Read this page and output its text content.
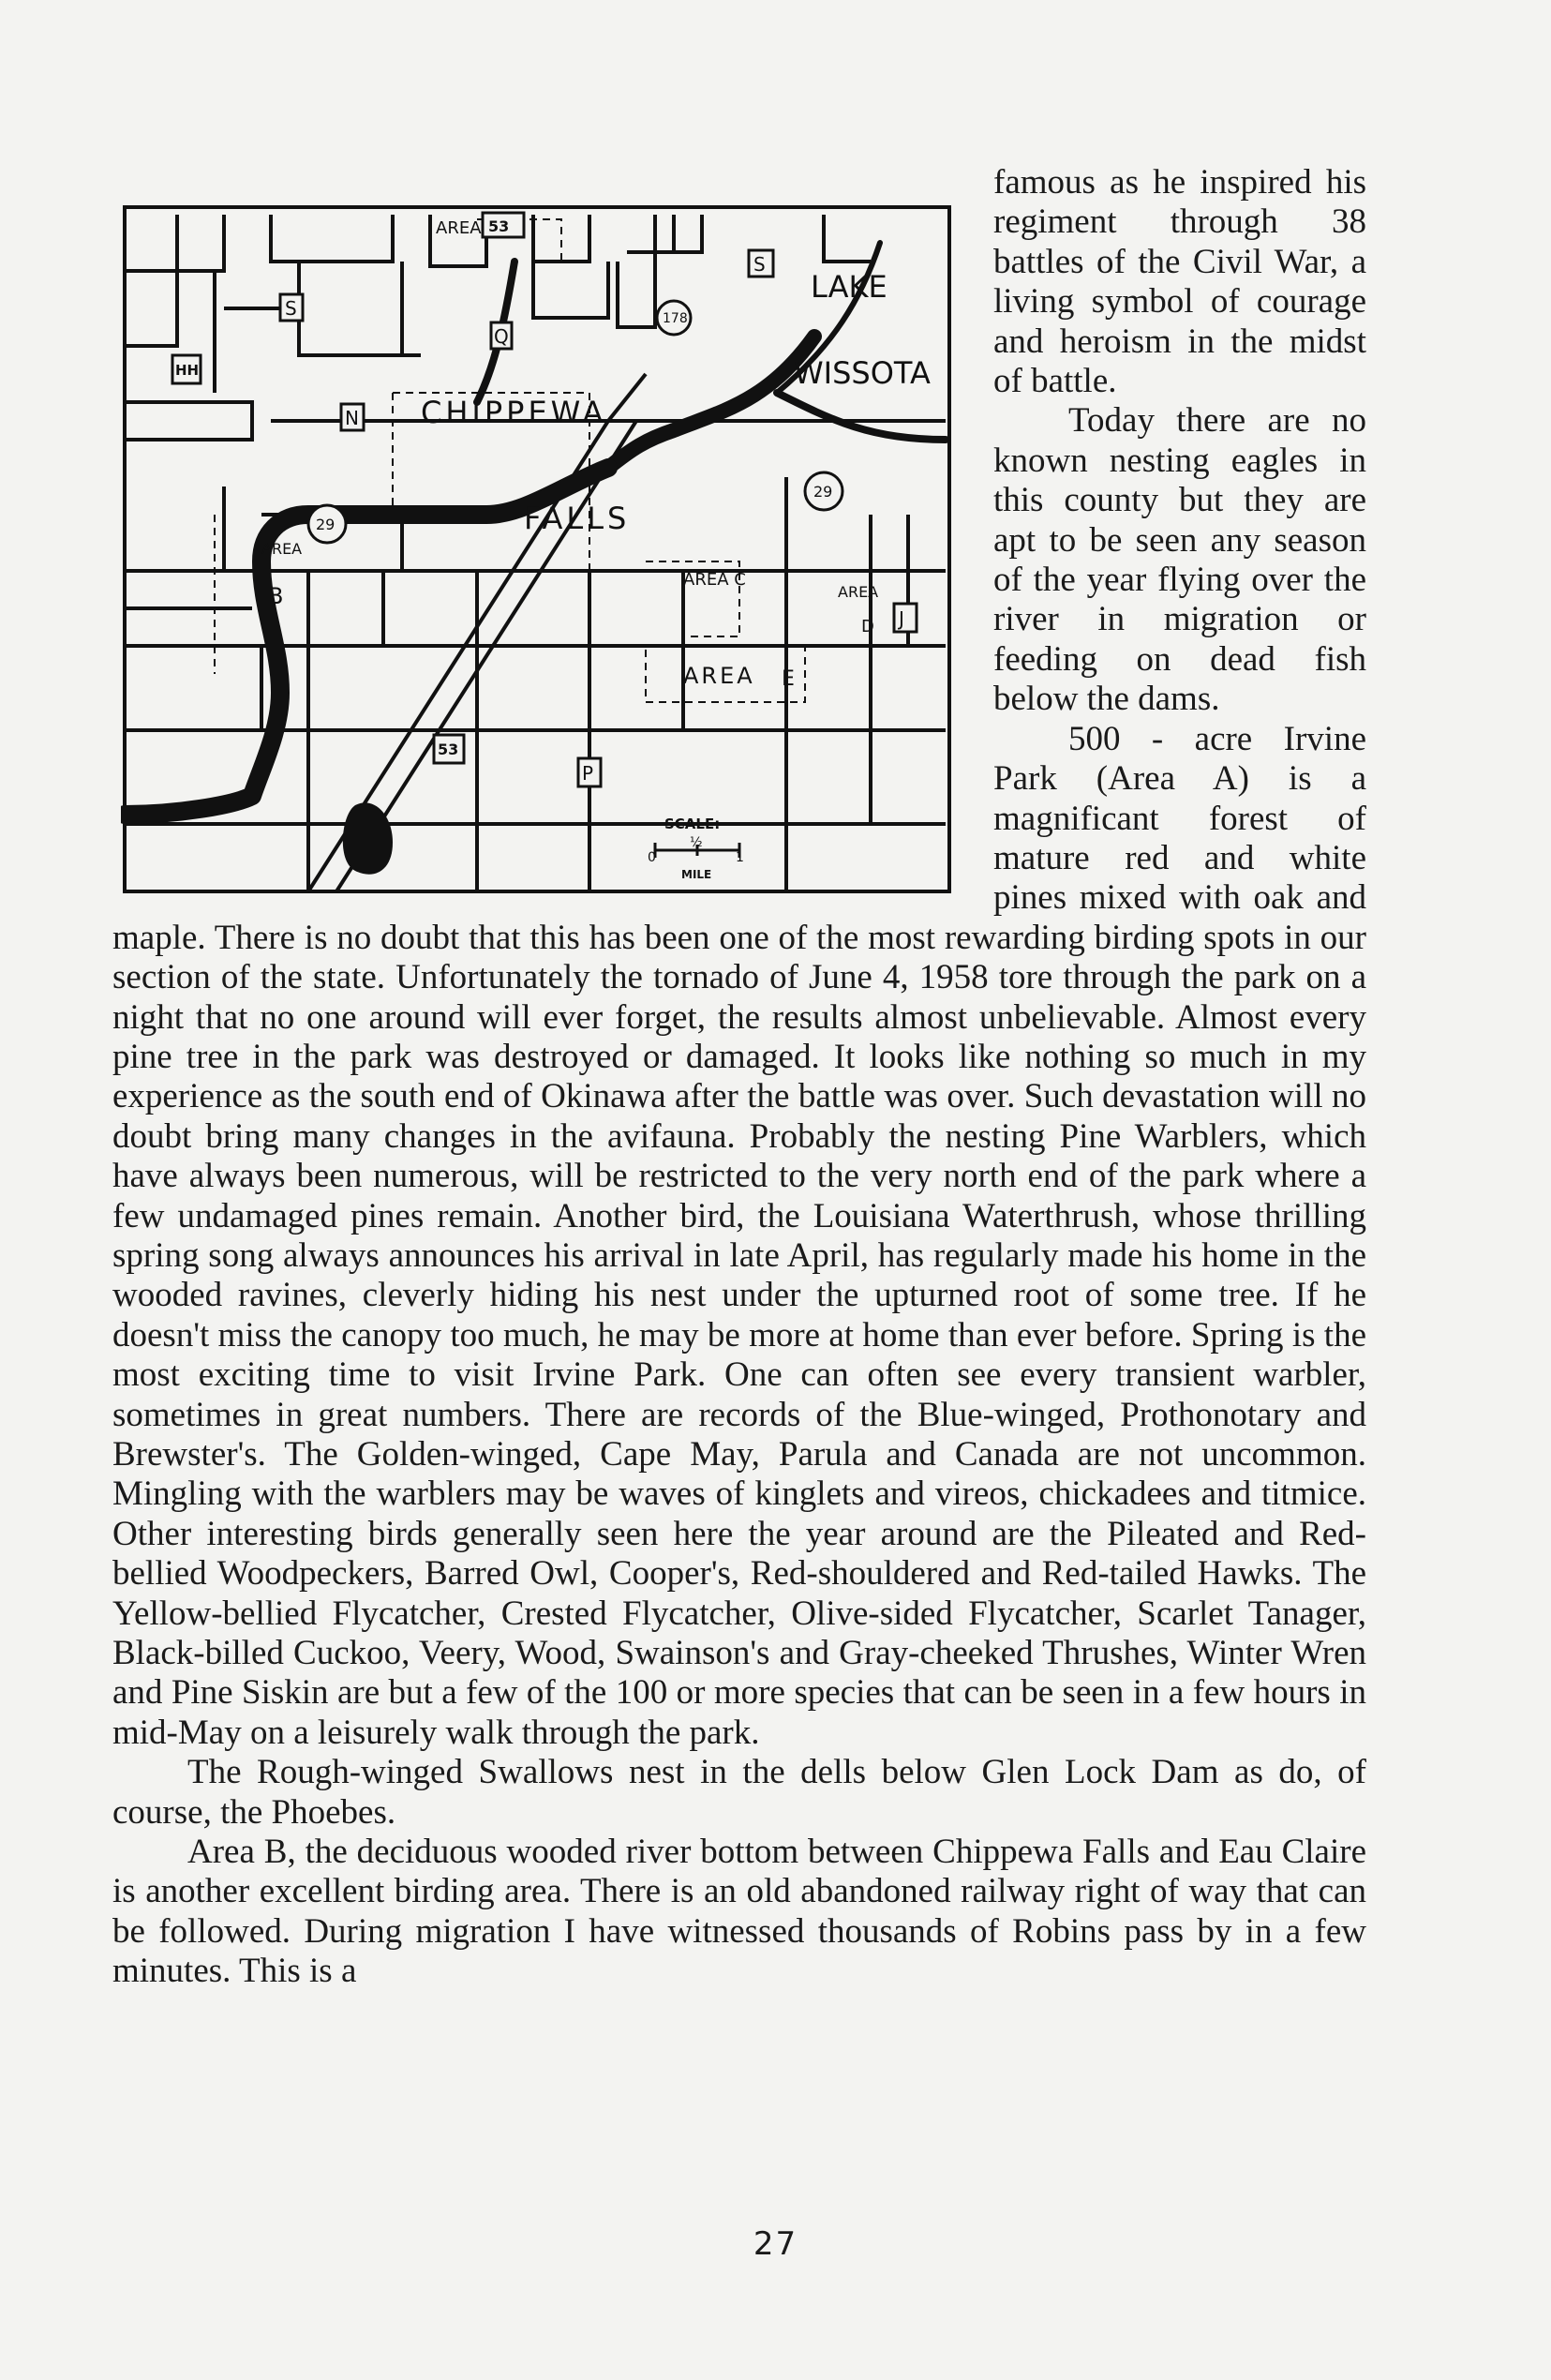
LAKE
WISSOTA
CHIPPEWA
FALLS
AREA
AREA
B
AREA C
AREA
D
AREA E
SCALE:
0
½
1
MILE
53
178
29
29
S
S
HH
N
Q
P
J
53

famous as he inspired his regiment through 38 battles of the Civil War, a living symbol of courage and heroism in the midst of battle.

Today there are no known nesting eagles in this county but they are apt to be seen any season of the year flying over the river in migration or feeding on dead fish below the dams.

500 - acre Irvine Park (Area A) is a magnificant forest of mature red and white pines mixed with oak and maple. There is no doubt that this has been one of the most rewarding birding spots in our section of the state. Unfortunately the tornado of June 4, 1958 tore through the park on a night that no one around will ever forget, the results almost unbelievable. Almost every pine tree in the park was destroyed or damaged. It looks like nothing so much in my experience as the south end of Okinawa after the battle was over. Such devastation will no doubt bring many changes in the avifauna. Probably the nesting Pine Warblers, which have always been numerous, will be restricted to the very north end of the park where a few undamaged pines remain. Another bird, the Louisiana Waterthrush, whose thrilling spring song always announces his arrival in late April, has regularly made his home in the wooded ravines, cleverly hiding his nest under the upturned root of some tree. If he doesn't miss the canopy too much, he may be more at home than ever before. Spring is the most exciting time to visit Irvine Park. One can often see every transient warbler, sometimes in great numbers. There are records of the Blue-winged, Prothonotary and Brewster's. The Golden-winged, Cape May, Parula and Canada are not uncommon. Mingling with the warblers may be waves of kinglets and vireos, chickadees and titmice. Other interesting birds generally seen here the year around are the Pileated and Red-bellied Woodpeckers, Barred Owl, Cooper's, Red-shouldered and Red-tailed Hawks. The Yellow-bellied Flycatcher, Crested Flycatcher, Olive-sided Flycatcher, Scarlet Tanager, Black-billed Cuckoo, Veery, Wood, Swainson's and Gray-cheeked Thrushes, Winter Wren and Pine Siskin are but a few of the 100 or more species that can be seen in a few hours in mid-May on a leisurely walk through the park.

The Rough-winged Swallows nest in the dells below Glen Lock Dam as do, of course, the Phoebes.

Area B, the deciduous wooded river bottom between Chippewa Falls and Eau Claire is another excellent birding area. There is an old abandoned railway right of way that can be followed. During migration I have witnessed thousands of Robins pass by in a few minutes. This is a

27
